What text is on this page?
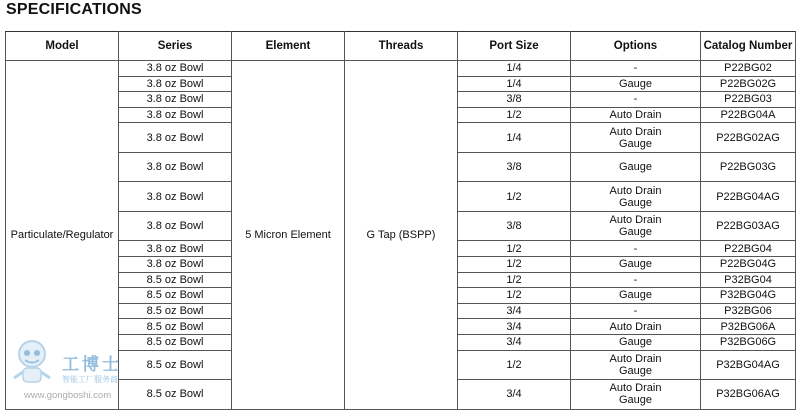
SPECIFICATIONS
Model	Series	Element	Threads	Port Size	Options	Catalog Number
Particulate/Regulator	3.8 oz Bowl	5 Micron Element	G Tap (BSPP)	1/4	-	P22BG02
	3.8 oz Bowl			1/4	Gauge	P22BG02G
	3.8 oz Bowl			3/8	-	P22BG03
	3.8 oz Bowl			1/2	Auto Drain	P22BG04A
	3.8 oz Bowl			1/4	Auto Drain
Gauge	P22BG02AG
	3.8 oz Bowl			3/8	Gauge	P22BG03G
	3.8 oz Bowl			1/2	Auto Drain
Gauge	P22BG04AG
	3.8 oz Bowl			3/8	Auto Drain
Gauge	P22BG03AG
	3.8 oz Bowl			1/2	-	P22BG04
	3.8 oz Bowl			1/2	Gauge	P22BG04G
	8.5 oz Bowl			1/2	-	P32BG04
	8.5 oz Bowl			1/2	Gauge	P32BG04G
	8.5 oz Bowl			3/4	-	P32BG06
	8.5 oz Bowl			3/4	Auto Drain	P32BG06A
	8.5 oz Bowl			3/4	Gauge	P32BG06G
	8.5 oz Bowl			1/2	Auto Drain
Gauge	P32BG04AG
	8.5 oz Bowl			3/4	Auto Drain
Gauge	P32BG06AG
工博士
智能工厂服务商
www.gongboshi.com
